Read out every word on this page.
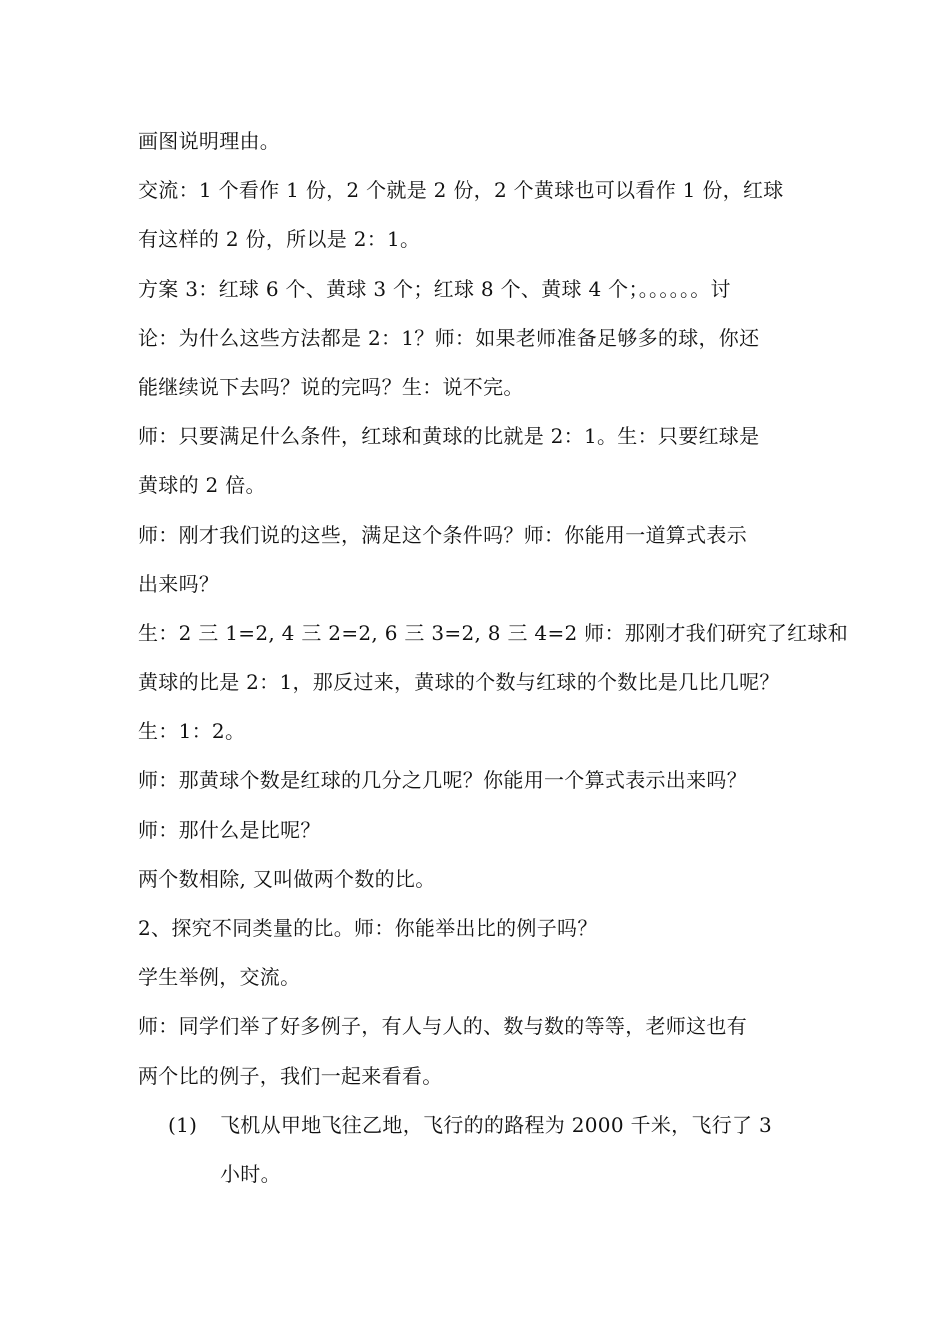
画图说明理由。
交流：1 个看作 1 份，2 个就是 2 份，2 个黄球也可以看作 1 份，红球
有这样的 2 份，所以是 2：1。
方案 3：红球 6 个、黄球 3 个；红球 8 个、黄球 4 个；。。。。。。讨
论：为什么这些方法都是 2：1？师：如果老师准备足够多的球，你还
能继续说下去吗？说的完吗？生：说不完。
师：只要满足什么条件，红球和黄球的比就是 2：1。生：只要红球是
黄球的 2 倍。
师：刚才我们说的这些，满足这个条件吗？师：你能用一道算式表示
出来吗？
生：2 三 1=2, 4 三 2=2, 6 三 3=2, 8 三 4=2 师：那刚才我们研究了红球和
黄球的比是 2：1，那反过来，黄球的个数与红球的个数比是几比几呢？
生：1：2。
师：那黄球个数是红球的几分之几呢？你能用一个算式表示出来吗？
师：那什么是比呢？
两个数相除, 又叫做两个数的比。
2、探究不同类量的比。师：你能举出比的例子吗？
学生举例，交流。
师：同学们举了好多例子，有人与人的、数与数的等等，老师这也有
两个比的例子，我们一起来看看。
(1) 飞机从甲地飞往乙地，飞行的的路程为 2000 千米，飞行了 3
小时。
